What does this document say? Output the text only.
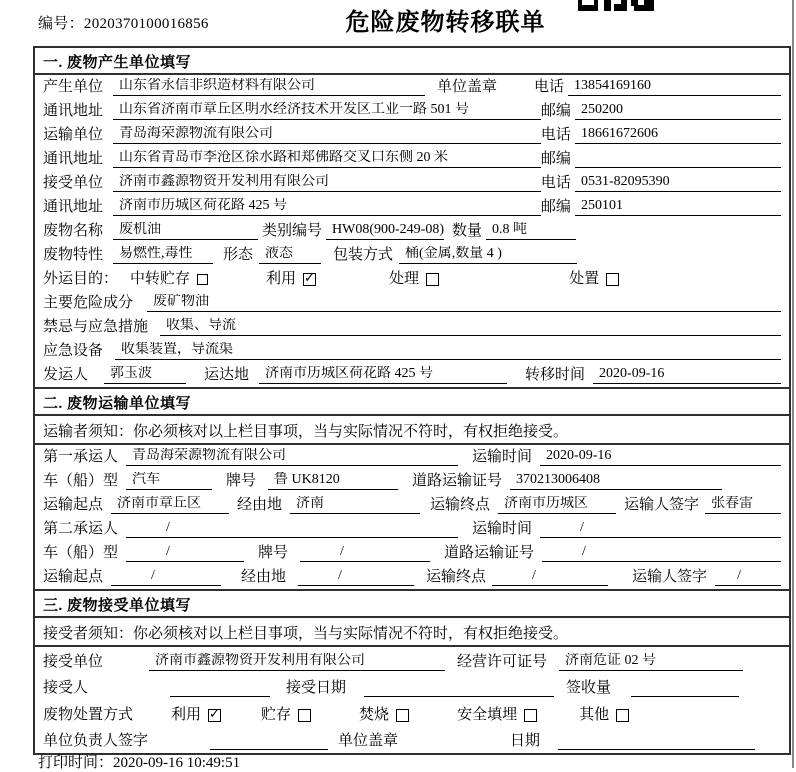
编号：2020370100016856	危险废物转移联单
一. 废物产生单位填写
产生单位	山东省永信非织造材料有限公司	单位盖章 电话 13854169160
通讯地址	山东省济南市章丘区明水经济技术开发区工业一路 501 号	邮编 250200
运输单位	青岛海荣源物流有限公司	电话 18661672606
通讯地址	山东省青岛市李沧区徐水路和郑佛路交叉口东侧 20 米	邮编
接受单位	济南市鑫源物资开发利用有限公司	电话 0531-82095390
通讯地址	济南市历城区荷花路 425 号	邮编 250101
废物名称	废机油	类别编号 HW08(900-249-08) 数量 0.8 吨
废物特性	易燃性,毒性	形态 液态	包装方式 桶(金属,数量 4 )
外运目的： 中转贮存	利用 ✓	处理	处置
主要危险成分	废矿物油
禁忌与应急措施	收集、导流
应急设备	收集装置，导流渠
发运人	郭玉波	运达地	济南市历城区荷花路 425 号	转移时间	2020-09-16
二. 废物运输单位填写
运输者须知：你必须核对以上栏目事项，当与实际情况不符时，有权拒绝接受。
第一承运人	青岛海荣源物流有限公司	运输时间	2020-09-16
车（船）型	汽车	牌号	鲁 UK8120	道路运输证号	370213006408
运输起点	济南市章丘区	经由地	济南	运输终点	济南市历城区	运输人签字 张春雷
第二承运人	/	运输时间	/
车（船）型	/	牌号	/	道路运输证号	/
运输起点	/	经由地	/	运输终点	/	运输人签字	/
三. 废物接受单位填写
接受者须知：你必须核对以上栏目事项，当与实际情况不符时，有权拒绝接受。
接受单位	济南市鑫源物资开发利用有限公司	经营许可证号	济南危证 02 号
接受人	接受日期	签收量
废物处置方式	利用 ✓	贮存	焚烧	安全填埋	其他
单位负责人签字	单位盖章	日期
打印时间：2020-09-16 10:49:51
